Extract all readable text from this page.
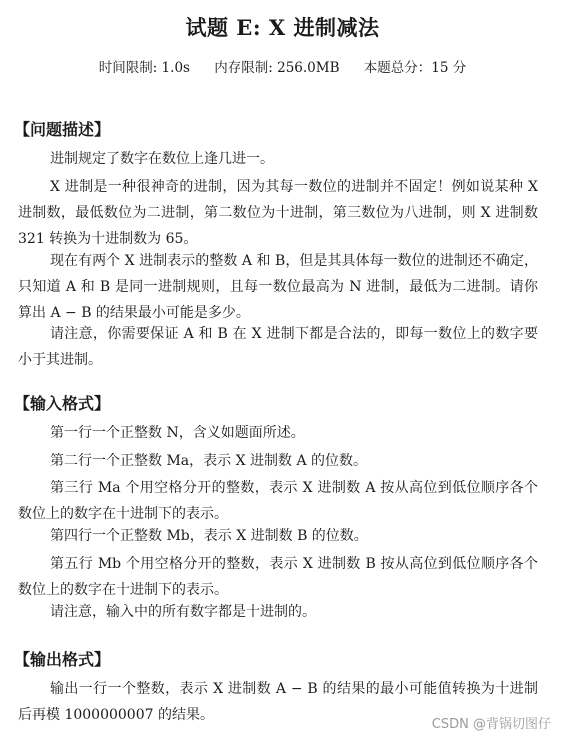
试题 E: X 进制减法
时间限制: 1.0s 内存限制: 256.0MB 本题总分：15 分
【问题描述】
进制规定了数字在数位上逢几进一。
X 进制是一种很神奇的进制，因为其每一数位的进制并不固定！例如说某种 X 进制数，最低数位为二进制，第二数位为十进制，第三数位为八进制，则 X 进制数 321 转换为十进制数为 65。
现在有两个 X 进制表示的整数 A 和 B，但是其具体每一数位的进制还不确定，只知道 A 和 B 是同一进制规则，且每一数位最高为 N 进制，最低为二进制。请你算出 A − B 的结果最小可能是多少。
请注意，你需要保证 A 和 B 在 X 进制下都是合法的，即每一数位上的数字要小于其进制。
【输入格式】
第一行一个正整数 N，含义如题面所述。
第二行一个正整数 Ma，表示 X 进制数 A 的位数。
第三行 Ma 个用空格分开的整数，表示 X 进制数 A 按从高位到低位顺序各个数位上的数字在十进制下的表示。
第四行一个正整数 Mb，表示 X 进制数 B 的位数。
第五行 Mb 个用空格分开的整数，表示 X 进制数 B 按从高位到低位顺序各个数位上的数字在十进制下的表示。
请注意，输入中的所有数字都是十进制的。
【输出格式】
输出一行一个整数，表示 X 进制数 A − B 的结果的最小可能值转换为十进制后再模 1000000007 的结果。
CSDN @背锅切图仔
